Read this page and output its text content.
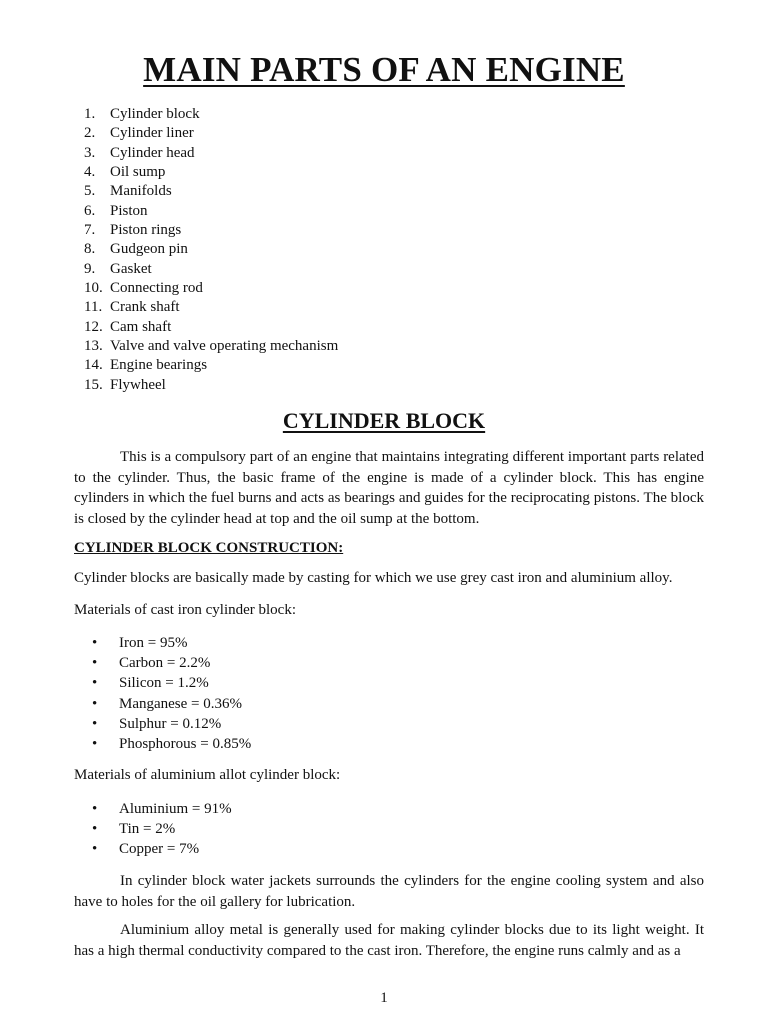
MAIN PARTS OF AN ENGINE
1. Cylinder block
2. Cylinder liner
3. Cylinder head
4. Oil sump
5. Manifolds
6. Piston
7. Piston rings
8. Gudgeon pin
9. Gasket
10. Connecting rod
11. Crank shaft
12. Cam shaft
13. Valve and valve operating mechanism
14. Engine bearings
15. Flywheel
CYLINDER BLOCK

This is a compulsory part of an engine that maintains integrating different important parts related to the cylinder. Thus, the basic frame of the engine is made of a cylinder block. This has engine cylinders in which the fuel burns and acts as bearings and guides for the reciprocating pistons. The block is closed by the cylinder head at top and the oil sump at the bottom.

CYLINDER BLOCK CONSTRUCTION:

Cylinder blocks are basically made by casting for which we use grey cast iron and aluminium alloy.

Materials of cast iron cylinder block:

• Iron = 95%
• Carbon = 2.2%
• Silicon = 1.2%
• Manganese = 0.36%
• Sulphur = 0.12%
• Phosphorous = 0.85%

Materials of aluminium allot cylinder block:

• Aluminium = 91%
• Tin = 2%
• Copper = 7%

In cylinder block water jackets surrounds the cylinders for the engine cooling system and also have to holes for the oil gallery for lubrication.

Aluminium alloy metal is generally used for making cylinder blocks due to its light weight. It has a high thermal conductivity compared to the cast iron. Therefore, the engine runs calmly and as a

1
